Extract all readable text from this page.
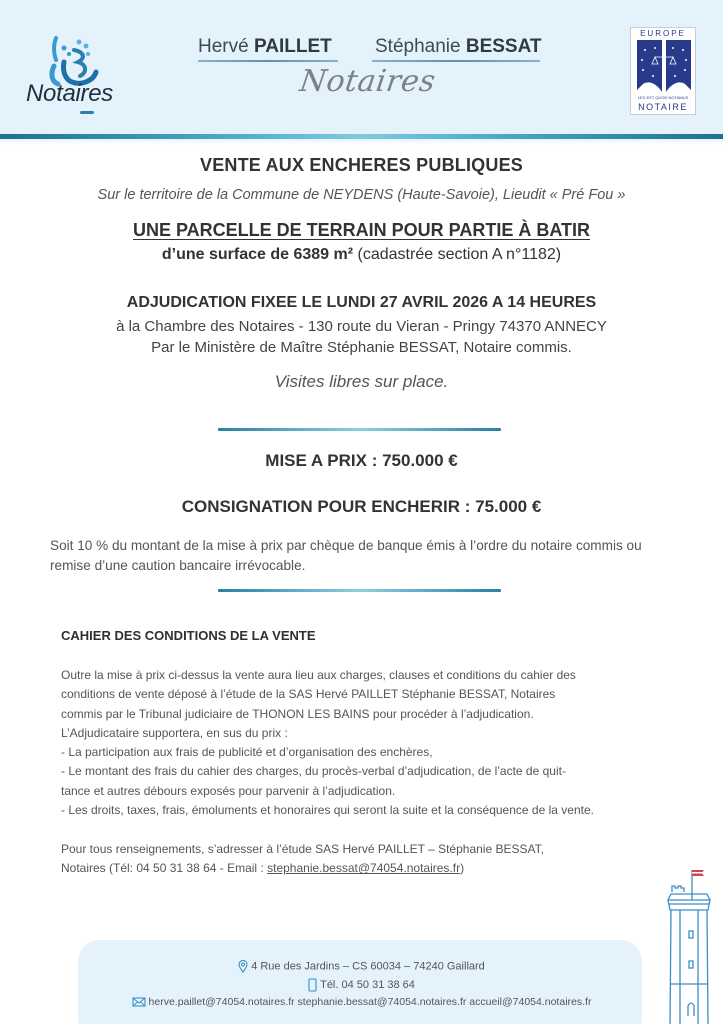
Notaires
Hervé PAILLET Stéphanie BESSAT
Notaires
EUROPE
LEX EST QUOD NOTAMUS
NOTAIRE
VENTE AUX ENCHERES PUBLIQUES
Sur le territoire de la Commune de NEYDENS (Haute-Savoie), Lieudit « Pré Fou »
UNE PARCELLE DE TERRAIN POUR PARTIE À BATIR
d’une surface de 6389 m² (cadastrée section A n°1182)
ADJUDICATION FIXEE LE LUNDI 27 AVRIL 2026 A 14 HEURES
à la Chambre des Notaires - 130 route du Vieran - Pringy 74370 ANNECY
Par le Ministère de Maître Stéphanie BESSAT, Notaire commis.
Visites libres sur place.
MISE A PRIX : 750.000 €
CONSIGNATION POUR ENCHERIR : 75.000 €
Soit 10 % du montant de la mise à prix par chèque de banque émis à l’ordre du notaire commis ou remise d’une caution bancaire irrévocable.
CAHIER DES CONDITIONS DE LA VENTE

Outre la mise à prix ci-dessus la vente aura lieu aux charges, clauses et conditions du cahier des

conditions de vente déposé à l’étude de la SAS Hervé PAILLET Stéphanie BESSAT, Notaires

commis par le Tribunal judiciaire de THONON LES BAINS pour procéder à l’adjudication.

L’Adjudicataire supportera, en sus du prix :

- La participation aux frais de publicité et d’organisation des enchères,

- Le montant des frais du cahier des charges, du procès-verbal d’adjudication, de l’acte de quit-

tance et autres débours exposés pour parvenir à l’adjudication.

- Les droits, taxes, frais, émoluments et honoraires qui seront la suite et la conséquence de la vente.

Pour tous renseignements, s’adresser à l’étude SAS Hervé PAILLET – Stéphanie BESSAT,

Notaires (Tél: 04 50 31 38 64 - Email : stephanie.bessat@74054.notaires.fr)

4 Rue des Jardins – CS 60034 – 74240 Gaillard
Tél. 04 50 31 38 64
herve.paillet@74054.notaires.fr stephanie.bessat@74054.notaires.fr accueil@74054.notaires.fr
